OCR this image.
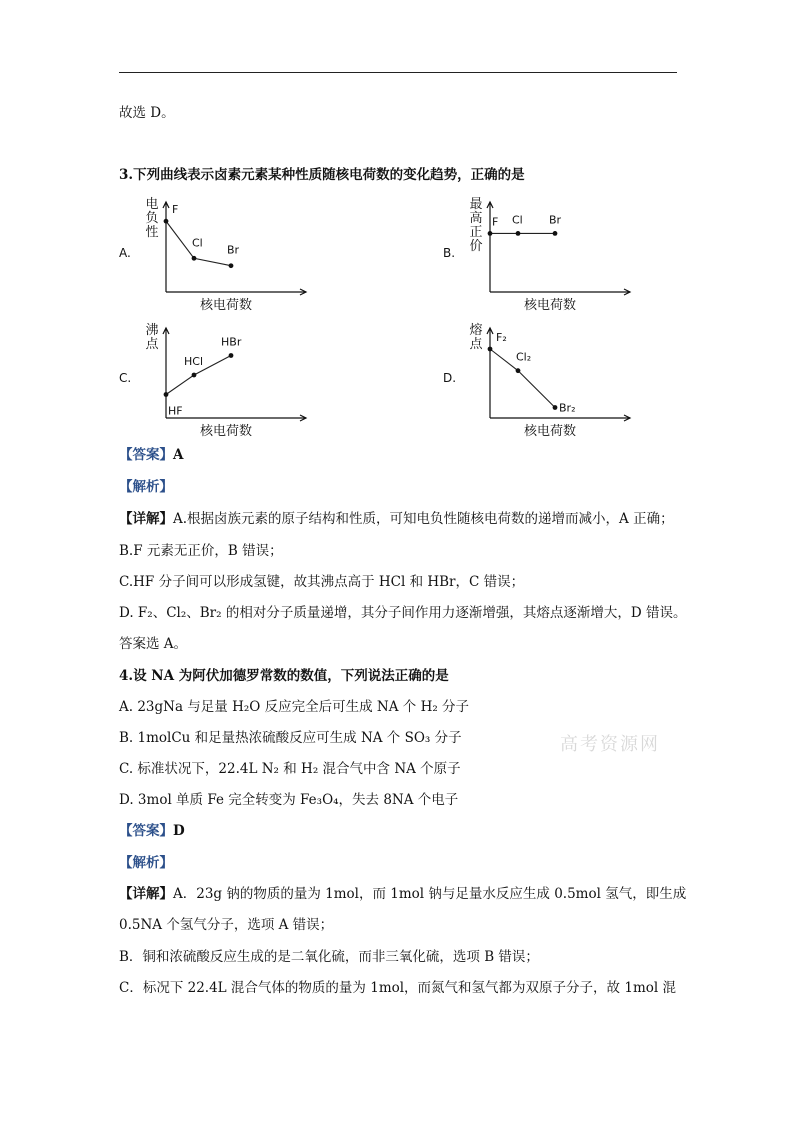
故选 D。
3.下列曲线表示卤素元素某种性质随核电荷数的变化趋势，正确的是
A.
电
负
性
核电荷数
F
Cl
Br	B.
最
高
正
价
核电荷数
F Cl Br
C.
沸
点
核电荷数
HF
HCl
HBr
D.
熔
点
核电荷数
F₂
Cl₂
Br₂
【答案】A
【解析】
【详解】A.根据卤族元素的原子结构和性质，可知电负性随核电荷数的递增而减小，A 正确；
B.F 元素无正价，B 错误；
C.HF 分子间可以形成氢键，故其沸点高于 HCl 和 HBr，C 错误；
D. F₂、Cl₂、Br₂ 的相对分子质量递增，其分子间作用力逐渐增强，其熔点逐渐增大，D 错误。
答案选 A。
4.设 NA 为阿伏加德罗常数的数值，下列说法正确的是
A. 23gNa 与足量 H₂O 反应完全后可生成 NA 个 H₂ 分子
B. 1molCu 和足量热浓硫酸反应可生成 NA 个 SO₃ 分子
C. 标准状况下，22.4L N₂ 和 H₂ 混合气中含 NA 个原子
D. 3mol 单质 Fe 完全转变为 Fe₃O₄，失去 8NA 个电子
【答案】D
【解析】
【详解】A．23g 钠的物质的量为 1mol，而 1mol 钠与足量水反应生成 0.5mol 氢气，即生成
0.5NA 个氢气分子，选项 A 错误；
B．铜和浓硫酸反应生成的是二氧化硫，而非三氧化硫，选项 B 错误；
C．标况下 22.4L 混合气体的物质的量为 1mol，而氮气和氢气都为双原子分子，故 1mol 混
高考资源网
